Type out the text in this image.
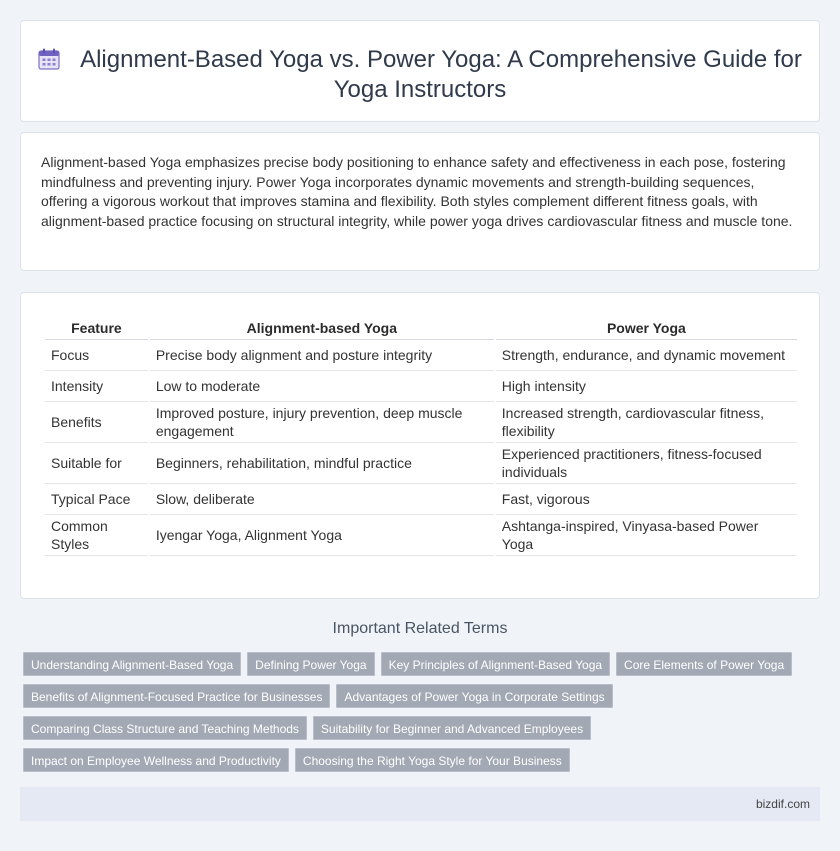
Alignment-Based Yoga vs. Power Yoga: A Comprehensive Guide for Yoga Instructors

Alignment-based Yoga emphasizes precise body positioning to enhance safety and effectiveness in each pose, fostering mindfulness and preventing injury. Power Yoga incorporates dynamic movements and strength-building sequences, offering a vigorous workout that improves stamina and flexibility. Both styles complement different fitness goals, with alignment-based practice focusing on structural integrity, while power yoga drives cardiovascular fitness and muscle tone.

Feature	Alignment-based Yoga	Power Yoga
Focus	Precise body alignment and posture integrity	Strength, endurance, and dynamic movement
Intensity	Low to moderate	High intensity
Benefits	Improved posture, injury prevention, deep muscle engagement	Increased strength, cardiovascular fitness, flexibility
Suitable for	Beginners, rehabilitation, mindful practice	Experienced practitioners, fitness-focused individuals
Typical Pace	Slow, deliberate	Fast, vigorous
Common Styles	Iyengar Yoga, Alignment Yoga	Ashtanga-inspired, Vinyasa-based Power Yoga
Important Related Terms
Understanding Alignment-Based Yoga Defining Power Yoga Key Principles of Alignment-Based Yoga Core Elements of Power Yoga
Benefits of Alignment-Focused Practice for Businesses Advantages of Power Yoga in Corporate Settings
Comparing Class Structure and Teaching Methods Suitability for Beginner and Advanced Employees
Impact on Employee Wellness and Productivity Choosing the Right Yoga Style for Your Business
bizdif.com
